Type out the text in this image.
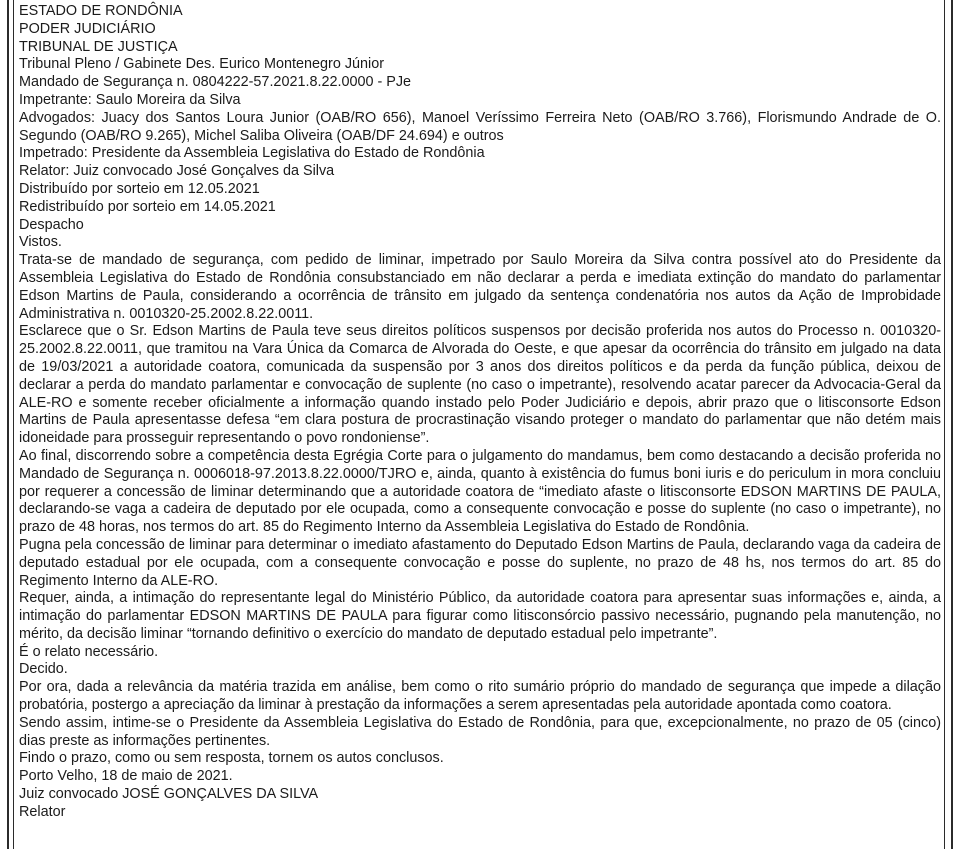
ESTADO DE RONDÔNIA

PODER JUDICIÁRIO

TRIBUNAL DE JUSTIÇA

Tribunal Pleno / Gabinete Des. Eurico Montenegro Júnior

Mandado de Segurança n. 0804222-57.2021.8.22.0000 - PJe

Impetrante: Saulo Moreira da Silva

Advogados: Juacy dos Santos Loura Junior (OAB/RO 656), Manoel Veríssimo Ferreira Neto (OAB/RO 3.766), Florismundo Andrade de O. Segundo (OAB/RO 9.265), Michel Saliba Oliveira (OAB/DF 24.694) e outros

Impetrado: Presidente da Assembleia Legislativa do Estado de Rondônia

Relator: Juiz convocado José Gonçalves da Silva

Distribuído por sorteio em 12.05.2021

Redistribuído por sorteio em 14.05.2021

Despacho

Vistos.

Trata-se de mandado de segurança, com pedido de liminar, impetrado por Saulo Moreira da Silva contra possível ato do Presidente da Assembleia Legislativa do Estado de Rondônia consubstanciado em não declarar a perda e imediata extinção do mandato do parlamentar Edson Martins de Paula, considerando a ocorrência de trânsito em julgado da sentença condenatória nos autos da Ação de Improbidade Administrativa n. 0010320-25.2002.8.22.0011.

Esclarece que o Sr. Edson Martins de Paula teve seus direitos políticos suspensos por decisão proferida nos autos do Processo n. 0010320-25.2002.8.22.0011, que tramitou na Vara Única da Comarca de Alvorada do Oeste, e que apesar da ocorrência do trânsito em julgado na data de 19/03/2021 a autoridade coatora, comunicada da suspensão por 3 anos dos direitos políticos e da perda da função pública, deixou de declarar a perda do mandato parlamentar e convocação de suplente (no caso o impetrante), resolvendo acatar parecer da Advocacia-Geral da ALE-RO e somente receber oficialmente a informação quando instado pelo Poder Judiciário e depois, abrir prazo que o litisconsorte Edson Martins de Paula apresentasse defesa “em clara postura de procrastinação visando proteger o mandato do parlamentar que não detém mais idoneidade para prosseguir representando o povo rondoniense”.

Ao final, discorrendo sobre a competência desta Egrégia Corte para o julgamento do mandamus, bem como destacando a decisão proferida no Mandado de Segurança n. 0006018-97.2013.8.22.0000/TJRO e, ainda, quanto à existência do fumus boni iuris e do periculum in mora concluiu por requerer a concessão de liminar determinando que a autoridade coatora de “imediato afaste o litisconsorte EDSON MARTINS DE PAULA, declarando-se vaga a cadeira de deputado por ele ocupada, como a consequente convocação e posse do suplente (no caso o impetrante), no prazo de 48 horas, nos termos do art. 85 do Regimento Interno da Assembleia Legislativa do Estado de Rondônia.

Pugna pela concessão de liminar para determinar o imediato afastamento do Deputado Edson Martins de Paula, declarando vaga da cadeira de deputado estadual por ele ocupada, com a consequente convocação e posse do suplente, no prazo de 48 hs, nos termos do art. 85 do Regimento Interno da ALE-RO.

Requer, ainda, a intimação do representante legal do Ministério Público, da autoridade coatora para apresentar suas informações e, ainda, a intimação do parlamentar EDSON MARTINS DE PAULA para figurar como litisconsórcio passivo necessário, pugnando pela manutenção, no mérito, da decisão liminar “tornando definitivo o exercício do mandato de deputado estadual pelo impetrante”.

É o relato necessário.

Decido.

Por ora, dada a relevância da matéria trazida em análise, bem como o rito sumário próprio do mandado de segurança que impede a dilação probatória, postergo a apreciação da liminar à prestação da informações a serem apresentadas pela autoridade apontada como coatora.

Sendo assim, intime-se o Presidente da Assembleia Legislativa do Estado de Rondônia, para que, excepcionalmente, no prazo de 05 (cinco) dias preste as informações pertinentes.

Findo o prazo, como ou sem resposta, tornem os autos conclusos.

Porto Velho, 18 de maio de 2021.

Juiz convocado JOSÉ GONÇALVES DA SILVA

Relator
